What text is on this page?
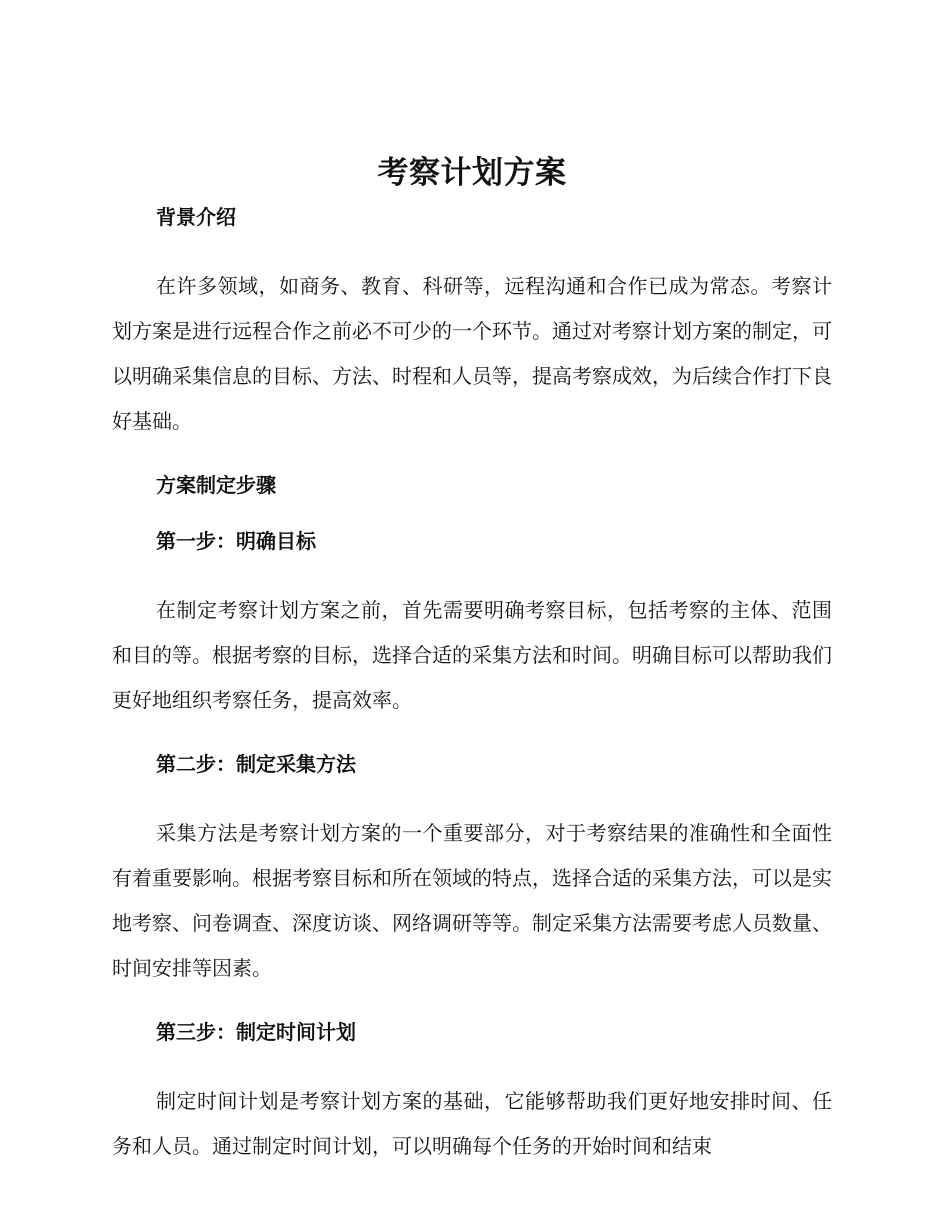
考察计划方案
背景介绍

在许多领域，如商务、教育、科研等，远程沟通和合作已成为常态。考察计划方案是进行远程合作之前必不可少的一个环节。通过对考察计划方案的制定，可以明确采集信息的目标、方法、时程和人员等，提高考察成效，为后续合作打下良好基础。

方案制定步骤
第一步：明确目标

在制定考察计划方案之前，首先需要明确考察目标，包括考察的主体、范围和目的等。根据考察的目标，选择合适的采集方法和时间。明确目标可以帮助我们更好地组织考察任务，提高效率。

第二步：制定采集方法

采集方法是考察计划方案的一个重要部分，对于考察结果的准确性和全面性有着重要影响。根据考察目标和所在领域的特点，选择合适的采集方法，可以是实地考察、问卷调查、深度访谈、网络调研等等。制定采集方法需要考虑人员数量、时间安排等因素。

第三步：制定时间计划

制定时间计划是考察计划方案的基础，它能够帮助我们更好地安排时间、任务和人员。通过制定时间计划，可以明确每个任务的开始时间和结束
